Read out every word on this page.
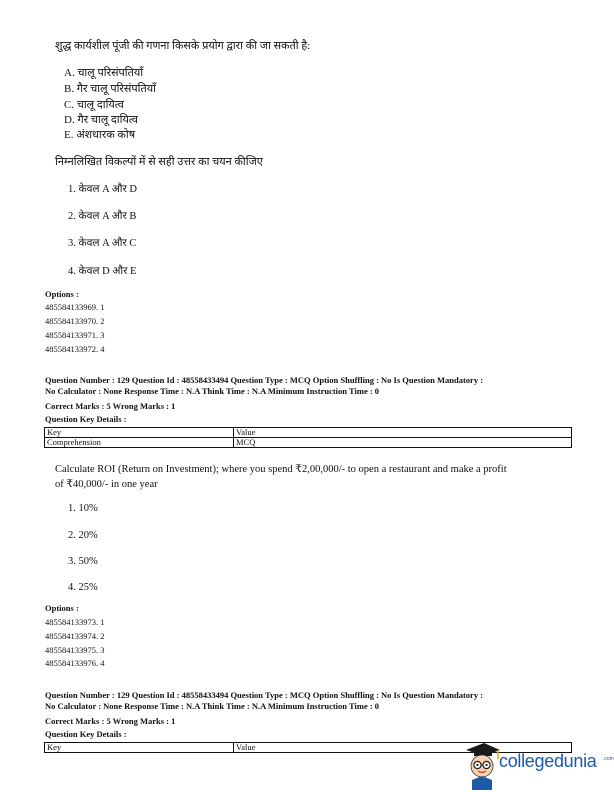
शुद्ध कार्यशील पूंजी की गणना किसके प्रयोग द्वारा की जा सकती है:
A. चालू परिसंपतियाँ
B. गैर चालू परिसंपतियाँ
C. चालू दायित्व
D. गैर चालू दायित्व
E. अंशधारक कोष
निम्नलिखित विकल्पों में से सही उत्तर का चयन कीजिए
1. केवल A और D
2. केवल A और B
3. केवल A और C
4. केवल D और E
Options :
485584133969. 1
485584133970. 2
485584133971. 3
485584133972. 4
Question Number : 129 Question Id : 48558433494 Question Type : MCQ Option Shuffling : No Is Question Mandatory :
No Calculator : None Response Time : N.A Think Time : N.A Minimum Instruction Time : 0
Correct Marks : 5 Wrong Marks : 1
Question Key Details :
Key	Value
Comprehension	MCQ
Calculate ROI (Return on Investment); where you spend ₹2,00,000/- to open a restaurant and make a profit
of ₹40,000/- in one year
1. 10%
2. 20%
3. 50%
4. 25%
Options :
485584133973. 1
485584133974. 2
485584133975. 3
485584133976. 4
Question Number : 129 Question Id : 48558433494 Question Type : MCQ Option Shuffling : No Is Question Mandatory :
No Calculator : None Response Time : N.A Think Time : N.A Minimum Instruction Time : 0
Correct Marks : 5 Wrong Marks : 1
Question Key Details :
Key	Value
collegedunia .com
